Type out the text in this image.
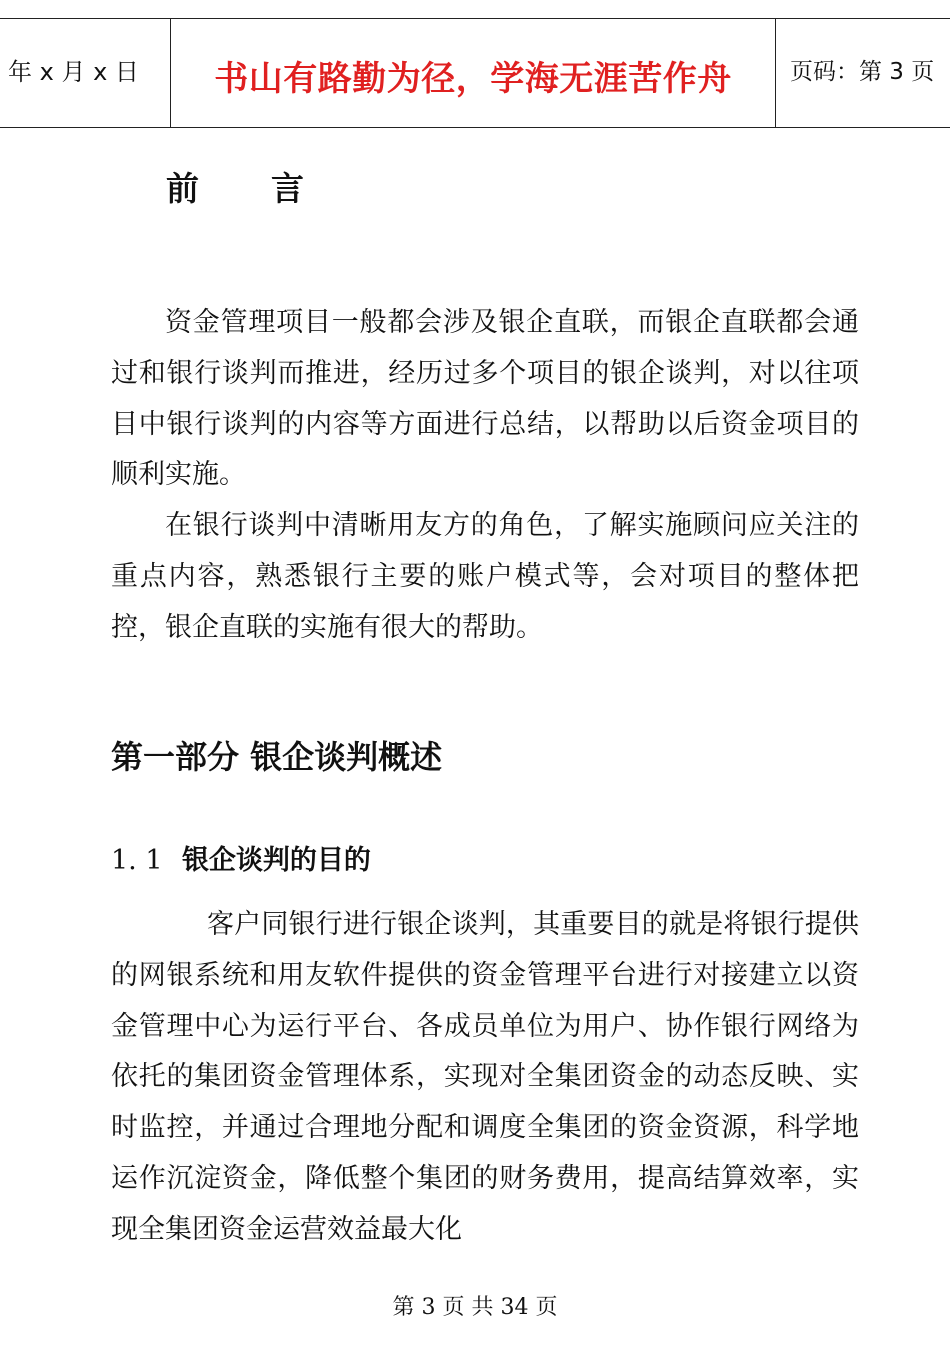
年 x 月 x 日	书山有路勤为径，学海无涯苦作舟	页码：第 3 页
前言

资金管理项目一般都会涉及银企直联，而银企直联都会通过和银行谈判而推进，经历过多个项目的银企谈判，对以往项目中银行谈判的内容等方面进行总结，以帮助以后资金项目的顺利实施。

在银行谈判中清晰用友方的角色，了解实施顾问应关注的重点内容，熟悉银行主要的账户模式等，会对项目的整体把控，银企直联的实施有很大的帮助。

第一部分 银企谈判概述
1. 1 银企谈判的目的

客户同银行进行银企谈判，其重要目的就是将银行提供的网银系统和用友软件提供的资金管理平台进行对接建立以资金管理中心为运行平台、各成员单位为用户、协作银行网络为依托的集团资金管理体系，实现对全集团资金的动态反映、实时监控，并通过合理地分配和调度全集团的资金资源，科学地运作沉淀资金，降低整个集团的财务费用，提高结算效率，实现全集团资金运营效益最大化

第 3 页 共 34 页
